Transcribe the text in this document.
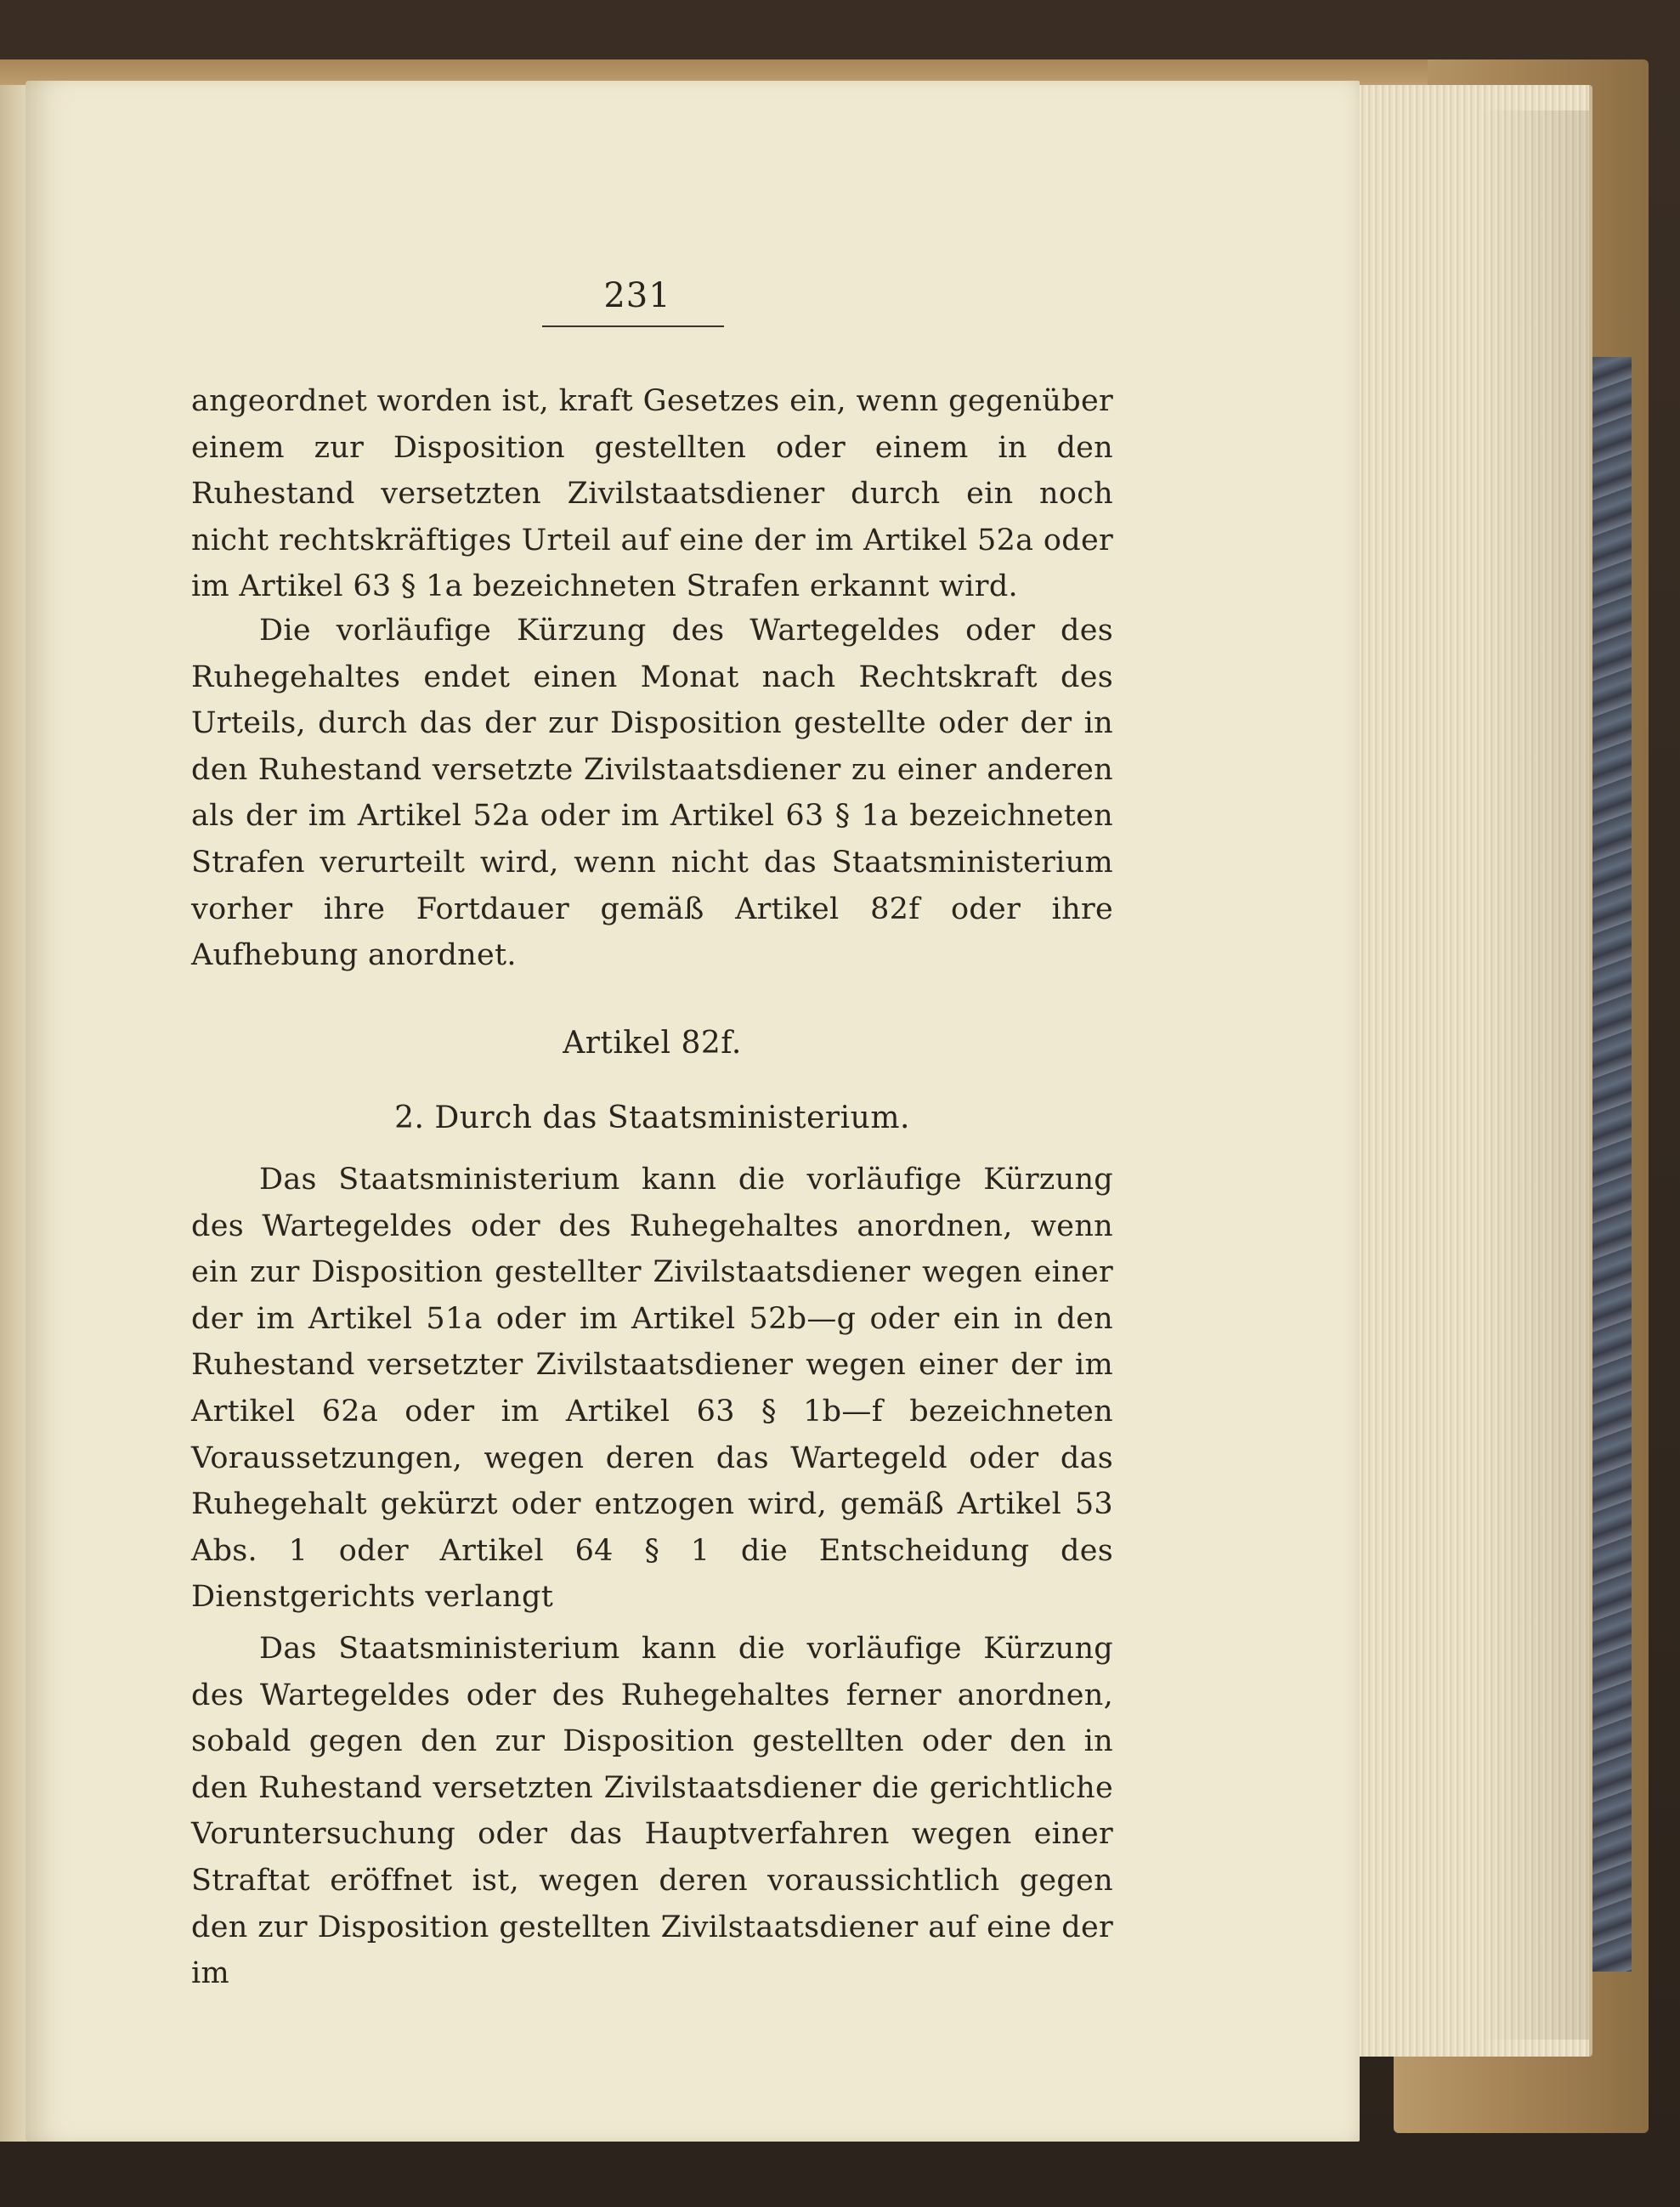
231
angeordnet worden ist, kraft Gesetzes ein, wenn gegenüber einem zur Disposition gestellten oder einem in den Ruhestand versetzten Zivilstaatsdiener durch ein noch nicht rechtskräftiges Urteil auf eine der im Artikel 52a oder im Artikel 63 § 1a bezeichneten Strafen erkannt wird.
Die vorläufige Kürzung des Wartegeldes oder des Ruhegehaltes endet einen Monat nach Rechtskraft des Urteils, durch das der zur Disposition gestellte oder der in den Ruhestand versetzte Zivilstaatsdiener zu einer anderen als der im Artikel 52a oder im Artikel 63 § 1a bezeichneten Strafen verurteilt wird, wenn nicht das Staatsministerium vorher ihre Fortdauer gemäß Artikel 82f oder ihre Aufhebung anordnet.
Artikel 82f.
2. Durch das Staatsministerium.
Das Staatsministerium kann die vorläufige Kürzung des Wartegeldes oder des Ruhegehaltes anordnen, wenn ein zur Disposition gestellter Zivilstaatsdiener wegen einer der im Artikel 51a oder im Artikel 52b—g oder ein in den Ruhestand versetzter Zivilstaatsdiener wegen einer der im Artikel 62a oder im Artikel 63 § 1b—f bezeichneten Voraussetzungen, wegen deren das Wartegeld oder das Ruhegehalt gekürzt oder entzogen wird, gemäß Artikel 53 Abs. 1 oder Artikel 64 § 1 die Entscheidung des Dienstgerichts verlangt
Das Staatsministerium kann die vorläufige Kürzung des Wartegeldes oder des Ruhegehaltes ferner anordnen, sobald gegen den zur Disposition gestellten oder den in den Ruhestand versetzten Zivilstaatsdiener die gerichtliche Voruntersuchung oder das Hauptverfahren wegen einer Straftat eröffnet ist, wegen deren voraussichtlich gegen den zur Disposition gestellten Zivilstaatsdiener auf eine der im
